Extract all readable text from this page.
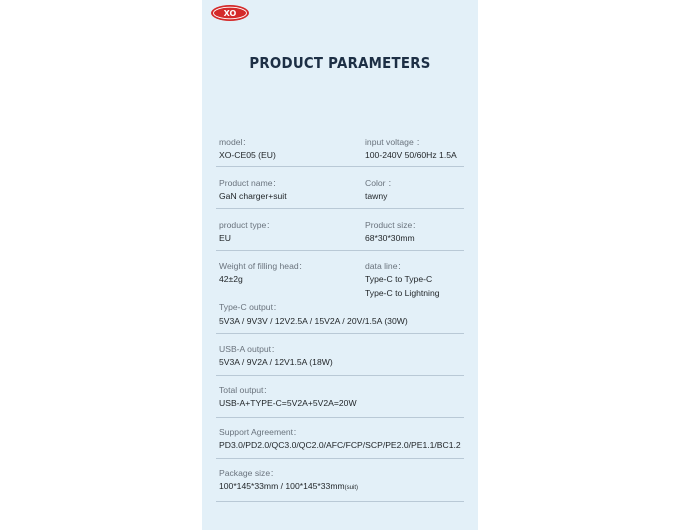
XO
PRODUCT PARAMETERS
model：
XO-CE05 (EU)
input voltage ：
100-240V 50/60Hz 1.5A
Product name：
GaN charger+suit
Color ：
tawny
product type：
EU
Product size：
68*30*30mm
Weight of filling head：
42±2g
data line：
Type-C to Type-C
Type-C to Lightning
Type-C output：
5V3A / 9V3V / 12V2.5A / 15V2A / 20V/1.5A (30W)
USB-A output：
5V3A / 9V2A / 12V1.5A (18W)
Total output：
USB-A+TYPE-C=5V2A+5V2A=20W
Support Agreement：
PD3.0/PD2.0/QC3.0/QC2.0/AFC/FCP/SCP/PE2.0/PE1.1/BC1.2
Package size：
100*145*33mm / 100*145*33mm(suit)
